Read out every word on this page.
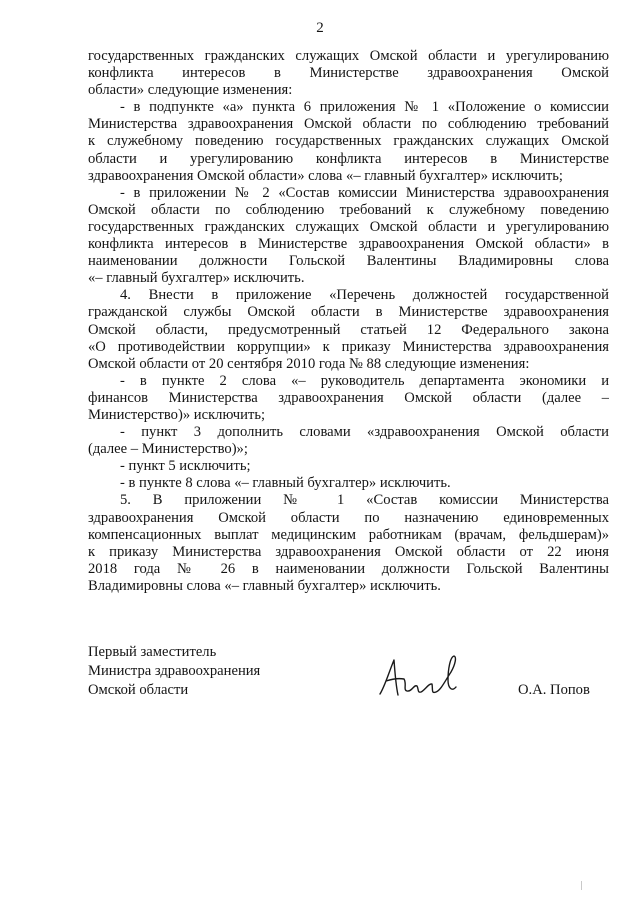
2
государственных гражданских служащих Омской области и урегулированию
конфликта интересов в Министерстве здравоохранения Омской
области» следующие изменения:
- в подпункте «а» пункта 6 приложения № 1 «Положение о комиссии
Министерства здравоохранения Омской области по соблюдению требований
к служебному поведению государственных гражданских служащих Омской
области и урегулированию конфликта интересов в Министерстве
здравоохранения Омской области» слова «– главный бухгалтер» исключить;
- в приложении № 2 «Состав комиссии Министерства здравоохранения
Омской области по соблюдению требований к служебному поведению
государственных гражданских служащих Омской области и урегулированию
конфликта интересов в Министерстве здравоохранения Омской области» в
наименовании должности Гольской Валентины Владимировны слова
«– главный бухгалтер» исключить.
4. Внести в приложение «Перечень должностей государственной
гражданской службы Омской области в Министерстве здравоохранения
Омской области, предусмотренный статьей 12 Федерального закона
«О противодействии коррупции» к приказу Министерства здравоохранения
Омской области от 20 сентября 2010 года № 88 следующие изменения:
- в пункте 2 слова «– руководитель департамента экономики и
финансов Министерства здравоохранения Омской области (далее –
Министерство)» исключить;
- пункт 3 дополнить словами «здравоохранения Омской области
(далее – Министерство)»;
- пункт 5 исключить;
- в пункте 8 слова «– главный бухгалтер» исключить.
5. В приложении № 1 «Состав комиссии Министерства
здравоохранения Омской области по назначению единовременных
компенсационных выплат медицинским работникам (врачам, фельдшерам)»
к приказу Министерства здравоохранения Омской области от 22 июня
2018 года № 26 в наименовании должности Гольской Валентины
Владимировны слова «– главный бухгалтер» исключить.
Первый заместитель
Министра здравоохранения
Омской области	О.А. Попов
